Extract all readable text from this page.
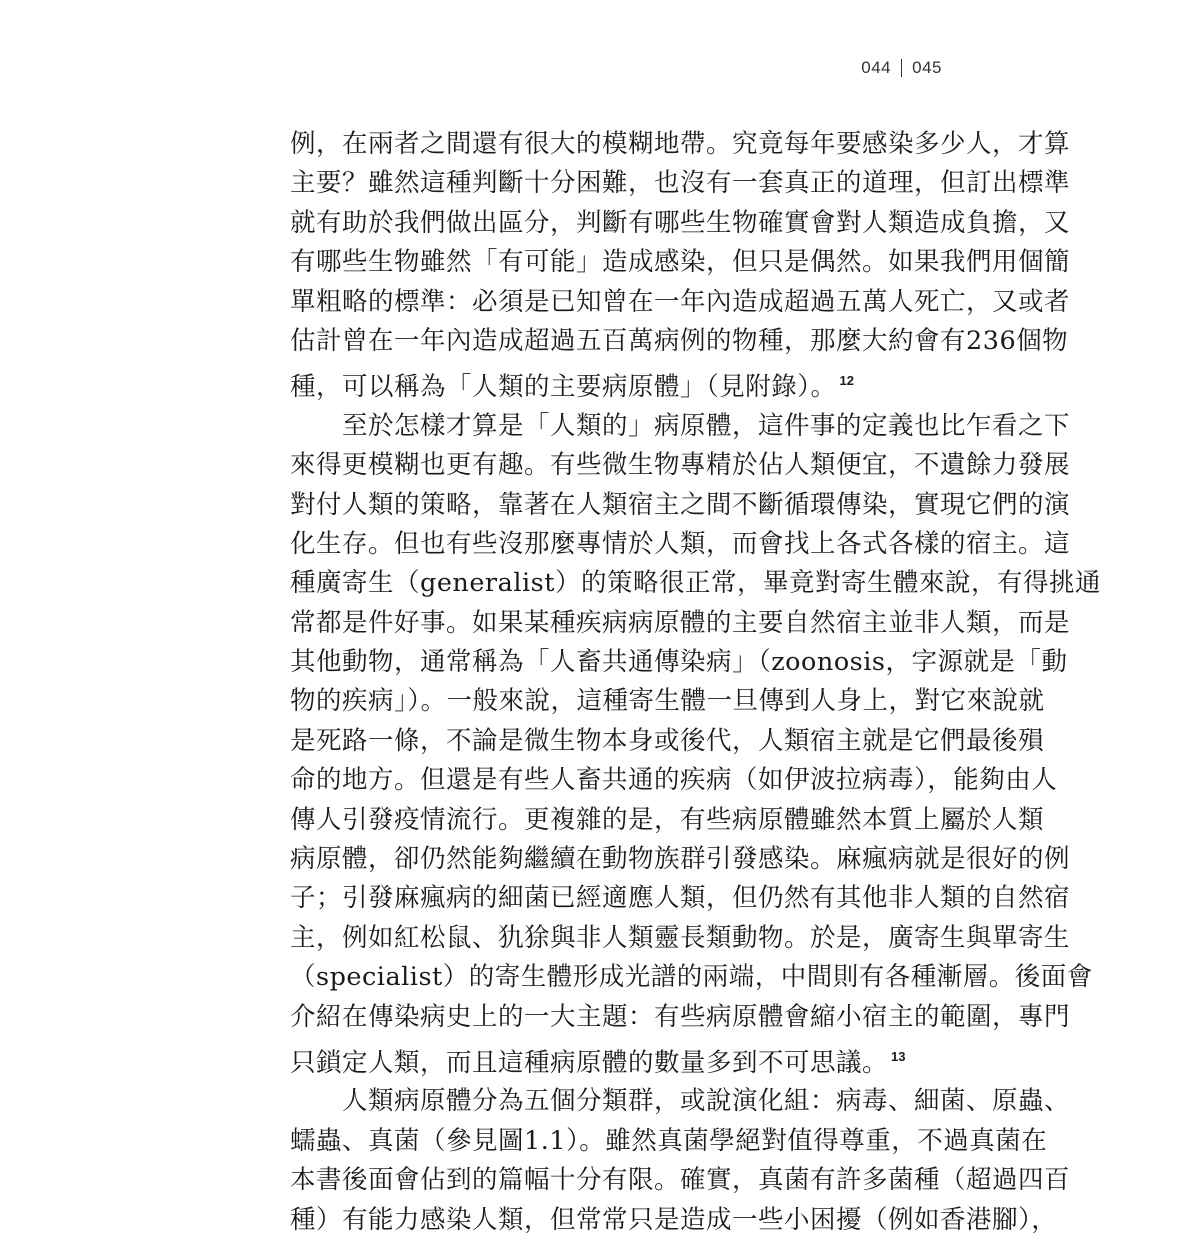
044 045
例，在兩者之間還有很大的模糊地帶。究竟每年要感染多少人，才算
主要？雖然這種判斷十分困難，也沒有一套真正的道理，但訂出標準
就有助於我們做出區分，判斷有哪些生物確實會對人類造成負擔，又
有哪些生物雖然「有可能」造成感染，但只是偶然。如果我們用個簡
單粗略的標準：必須是已知曾在一年內造成超過五萬人死亡，又或者
估計曾在一年內造成超過五百萬病例的物種，那麼大約會有236個物
種，可以稱為「人類的主要病原體」（見附錄）。 $^{12}$
至於怎樣才算是「人類的」病原體，這件事的定義也比乍看之下
來得更模糊也更有趣。有些微生物專精於佔人類便宜，不遺餘力發展
對付人類的策略，靠著在人類宿主之間不斷循環傳染，實現它們的演
化生存。但也有些沒那麼專情於人類，而會找上各式各樣的宿主。這
種廣寄生（generalist）的策略很正常，畢竟對寄生體來說，有得挑通
常都是件好事。如果某種疾病病原體的主要自然宿主並非人類，而是
其他動物，通常稱為「人畜共通傳染病」（zoonosis，字源就是「動
物的疾病」）。一般來說，這種寄生體一旦傳到人身上，對它來說就
是死路一條，不論是微生物本身或後代，人類宿主就是它們最後殞
命的地方。但還是有些人畜共通的疾病（如伊波拉病毒），能夠由人
傳人引發疫情流行。更複雜的是，有些病原體雖然本質上屬於人類
病原體，卻仍然能夠繼續在動物族群引發感染。麻瘋病就是很好的例
子；引發麻瘋病的細菌已經適應人類，但仍然有其他非人類的自然宿
主，例如紅松鼠、犰狳與非人類靈長類動物。於是，廣寄生與單寄生
（specialist）的寄生體形成光譜的兩端，中間則有各種漸層。後面會
介紹在傳染病史上的一大主題：有些病原體會縮小宿主的範圍，專門
只鎖定人類，而且這種病原體的數量多到不可思議。 $^{13}$
人類病原體分為五個分類群，或說演化組：病毒、細菌、原蟲、
蠕蟲、真菌（參見圖1.1）。雖然真菌學絕對值得尊重，不過真菌在
本書後面會佔到的篇幅十分有限。確實，真菌有許多菌種（超過四百
種）有能力感染人類，但常常只是造成一些小困擾（例如香港腳），
